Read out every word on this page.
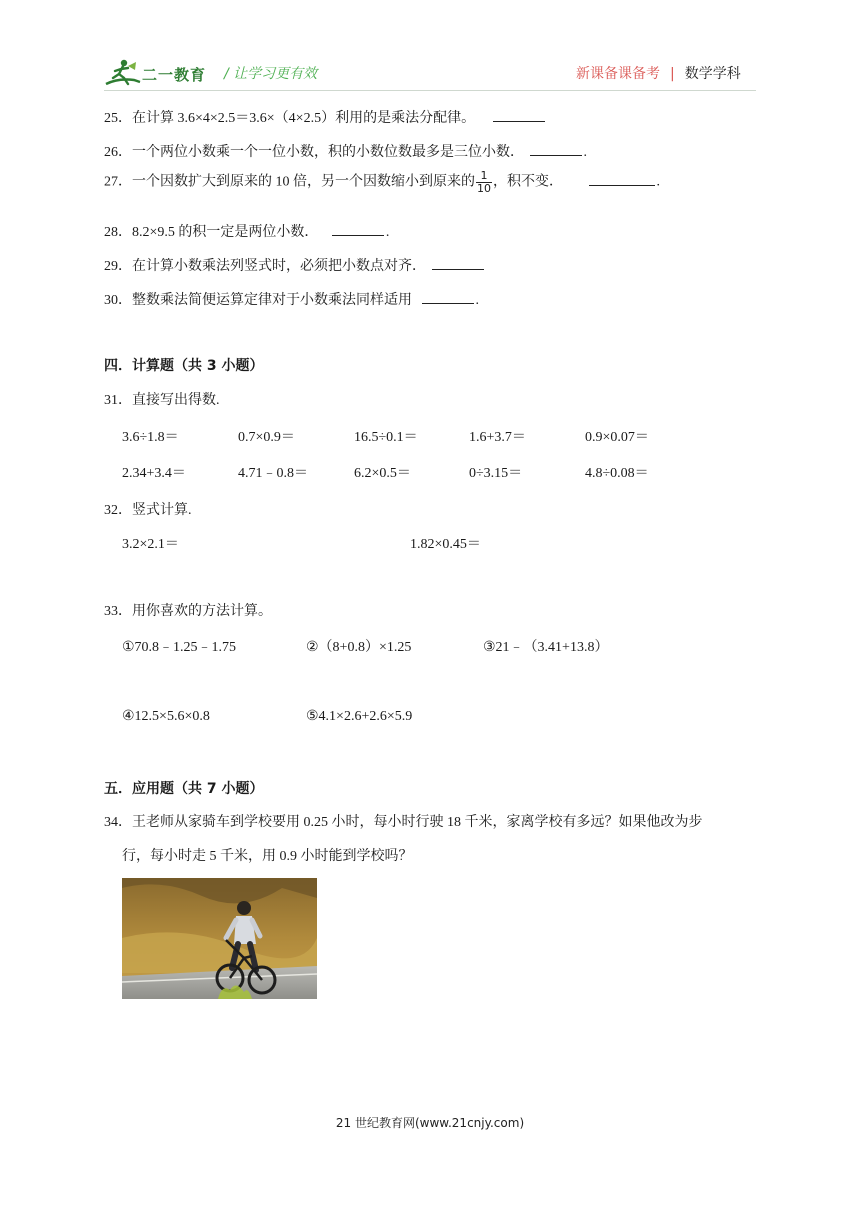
二一教育 / 让学习更有效	新课备课备考 | 数学学科
25．在计算 3.6×4×2.5＝3.6×（4×2.5）利用的是乘法分配律。
26．一个两位小数乘一个一位小数，积的小数位数最多是三位小数．	.
27．一个因数扩大到原来的 10 倍，另一个因数缩小到原来的 $\frac{1}{10}$ ，积不变．	.
28．8.2×9.5 的积一定是两位小数．	.
29．在计算小数乘法列竖式时，必须把小数点对齐．
30．整数乘法简便运算定律对于小数乘法同样适用	.
四．计算题（共 3 小题）
31．直接写出得数.
3.6÷1.8＝	0.7×0.9＝	16.5÷0.1＝	1.6+3.7＝	0.9×0.07＝
2.34+3.4＝	4.71﹣0.8＝	6.2×0.5＝	0÷3.15＝	4.8÷0.08＝
32．竖式计算.
3.2×2.1＝	1.82×0.45＝
33．用你喜欢的方法计算。
①70.8﹣1.25﹣1.75	②（8+0.8）×1.25	③21﹣（3.41+13.8）
④12.5×5.6×0.8	⑤4.1×2.6+2.6×5.9
五．应用题（共 7 小题）
34．王老师从家骑车到学校要用 0.25 小时，每小时行驶 18 千米，家离学校有多远？如果他改为步
行，每小时走 5 千米，用 0.9 小时能到学校吗？
21 世纪教育网(www.21cnjy.com)
